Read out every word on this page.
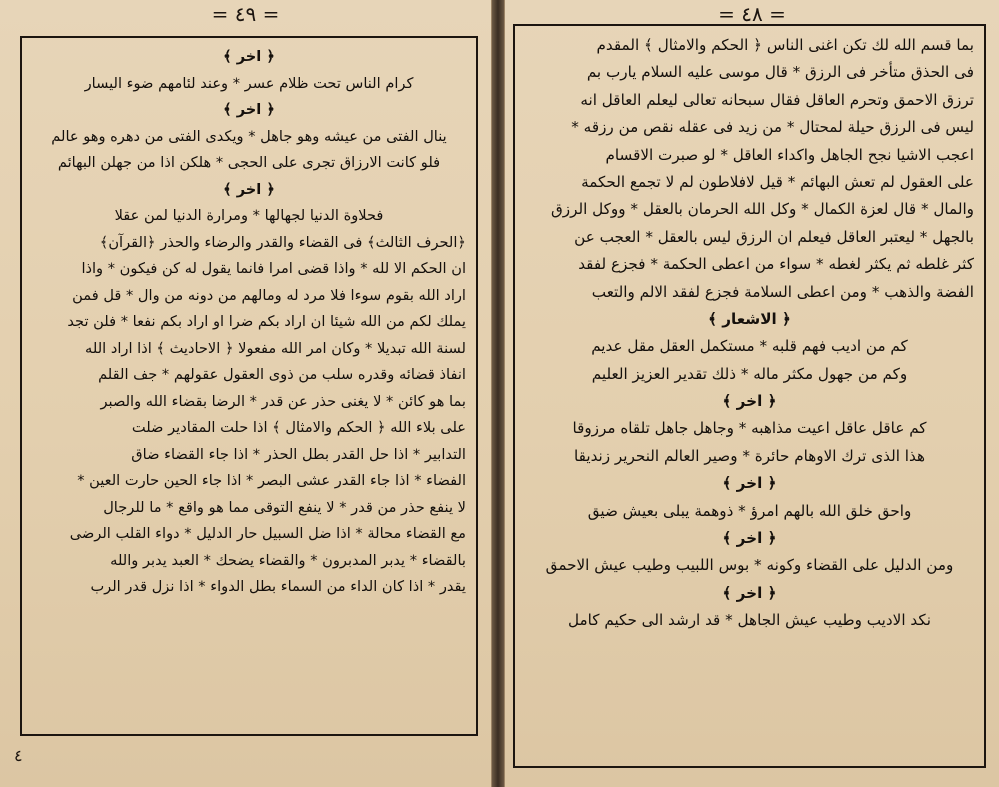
= ٤٩ =
﴿ اخر ﴾
كرام الناس تحت ظلام عسر * وعند لئامهم ضوء اليسار
﴿ اخر ﴾
ينال الفتى من عيشه وهو جاهل * ويكدى الفتى من دهره وهو عالم
فلو كانت الارزاق تجرى على الحجى * هلكن اذا من جهلن البهائم
﴿ اخر ﴾
فحلاوة الدنيا لجهالها * ومرارة الدنيا لمن عقلا
﴿الحرف الثالث﴾ فى القضاء والقدر والرضاء والحذر ﴿القرآن﴾
ان الحكم الا لله * واذا قضى امرا فانما يقول له كن فيكون * واذا
اراد الله بقوم سوءا فلا مرد له ومالهم من دونه من وال * قل فمن
يملك لكم من الله شيئا ان اراد بكم ضرا او اراد بكم نفعا * فلن تجد
لسنة الله تبديلا * وكان امر الله مفعولا ﴿ الاحاديث ﴾ اذا اراد الله
انفاذ قضائه وقدره سلب من ذوى العقول عقولهم * جف القلم
بما هو كائن * لا يغنى حذر عن قدر * الرضا بقضاء الله والصبر
على بلاء الله ﴿ الحكم والامثال ﴾ اذا حلت المقادير ضلت
التدابير * اذا حل القدر بطل الحذر * اذا جاء القضاء ضاق
الفضاء * اذا جاء القدر عشى البصر * اذا جاء الحين حارت العين *
لا ينفع حذر من قدر * لا ينفع التوقى مما هو واقع * ما للرجال
مع القضاء محالة * اذا ضل السبيل حار الدليل * دواء القلب الرضى
بالقضاء * يدبر المدبرون * والقضاء يضحك * العبد يدبر والله
يقدر * اذا كان الداء من السماء بطل الدواء * اذا نزل قدر الرب
٤
= ٤٨ =
بما قسم الله لك تكن اغنى الناس ﴿ الحكم والامثال ﴾ المقدم
فى الحذق متأخر فى الرزق * قال موسى عليه السلام يارب بم
ترزق الاحمق وتحرم العاقل فقال سبحانه تعالى ليعلم العاقل انه
ليس فى الرزق حيلة لمحتال * من زيد فى عقله نقص من رزقه *
اعجب الاشيا نجح الجاهل واكداء العاقل * لو صبرت الاقسام
على العقول لم تعش البهائم * قيل لافلاطون لم لا تجمع الحكمة
والمال * قال لعزة الكمال * وكل الله الحرمان بالعقل * ووكل الرزق
بالجهل * ليعتبر العاقل فيعلم ان الرزق ليس بالعقل * العجب عن
كثر غلطه ثم يكثر لغطه * سواء من اعطى الحكمة * فجزع لفقد
الفضة والذهب * ومن اعطى السلامة فجزع لفقد الالم والتعب
﴿ الاشعار ﴾
كم من اديب فهم قلبه * مستكمل العقل مقل عديم
وكم من جهول مكثر ماله * ذلك تقدير العزيز العليم
﴿ اخر ﴾
كم عاقل عاقل اعيت مذاهبه * وجاهل جاهل تلقاه مرزوقا
هذا الذى ترك الاوهام حائرة * وصير العالم النحرير زنديقا
﴿ اخر ﴾
واحق خلق الله بالهم امرؤ * ذوهمة يبلى بعيش ضيق
﴿ اخر ﴾
ومن الدليل على القضاء وكونه * بوس اللبيب وطيب عيش الاحمق
﴿ اخر ﴾
نكد الاديب وطيب عيش الجاهل * قد ارشد الى حكيم كامل
